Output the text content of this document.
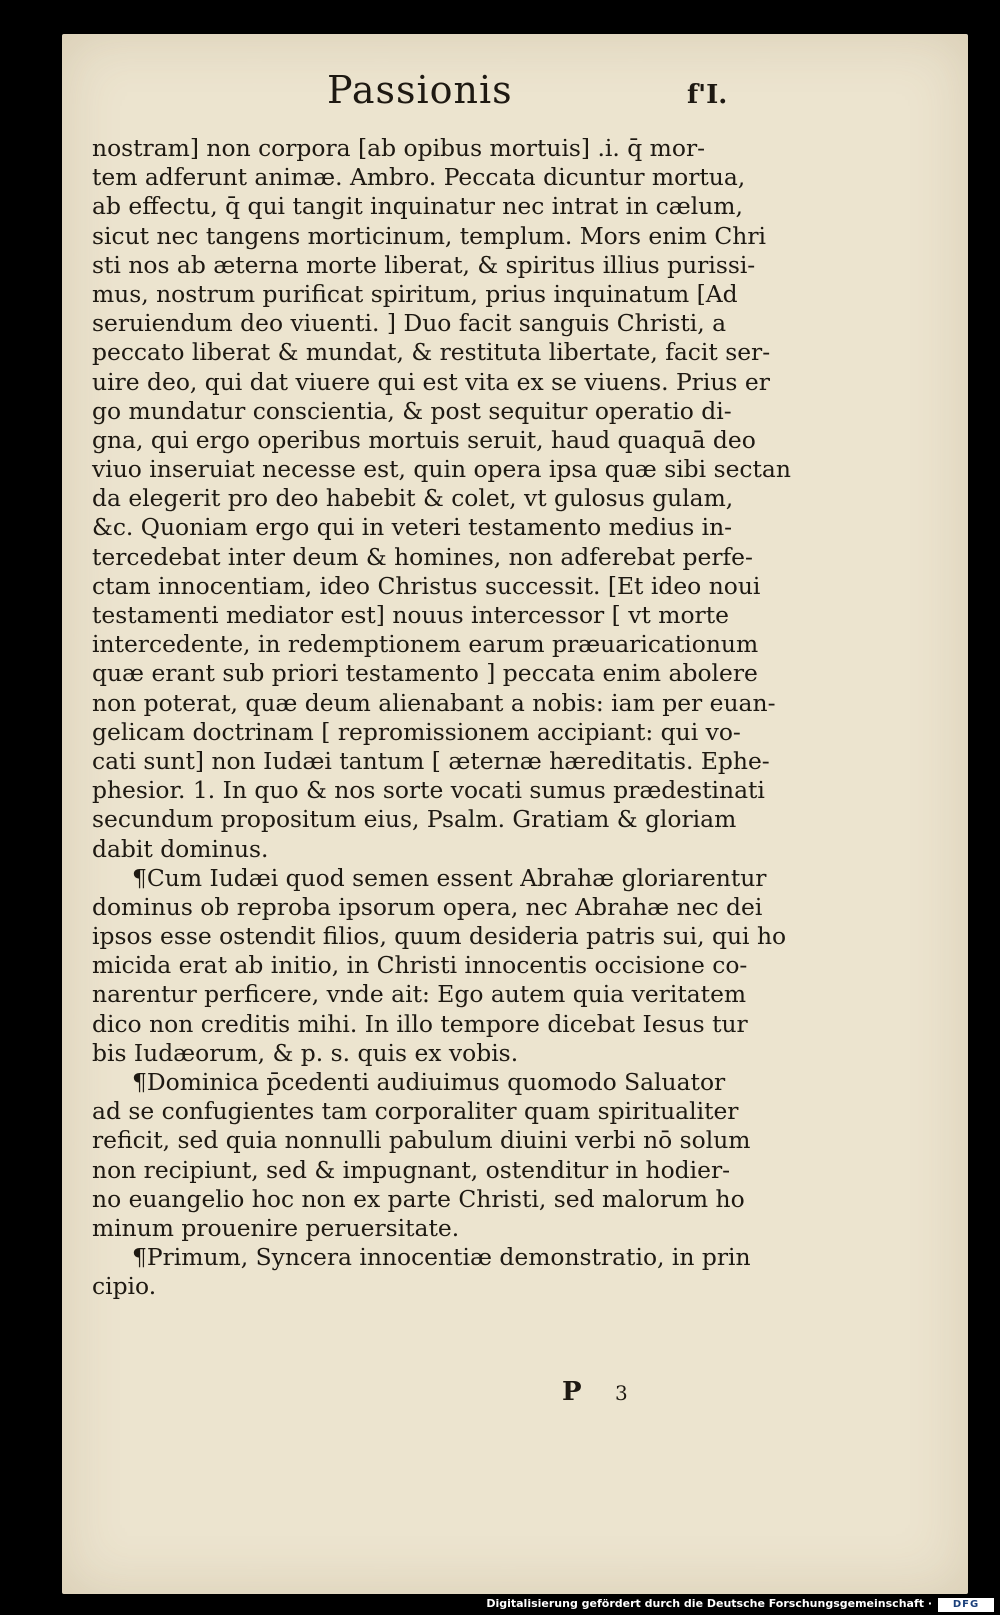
Passionis	f'I.
nostram] non corpora [ab opibus mortuis] .i. q̄ mor-
tem adferunt animæ. Ambro. Peccata dicuntur mortua,
ab effectu, q̄ qui tangit inquinatur nec intrat in cælum,
sicut nec tangens morticinum, templum. Mors enim Chri
sti nos ab æterna morte liberat, & spiritus illius purissi-
mus, nostrum purificat spiritum, prius inquinatum [Ad
seruiendum deo viuenti. ] Duo facit sanguis Christi, a
peccato liberat & mundat, & restituta libertate, facit ser-
uire deo, qui dat viuere qui est vita ex se viuens. Prius er
go mundatur conscientia, & post sequitur operatio di-
gna, qui ergo operibus mortuis seruit, haud quaquā deo
viuo inseruiat necesse est, quin opera ipsa quæ sibi sectan
da elegerit pro deo habebit & colet, vt gulosus gulam,
&c. Quoniam ergo qui in veteri testamento medius in-
tercedebat inter deum & homines, non adferebat perfe-
ctam innocentiam, ideo Christus successit. [Et ideo noui
testamenti mediator est] nouus intercessor [ vt morte
intercedente, in redemptionem earum præuaricationum
quæ erant sub priori testamento ] peccata enim abolere
non poterat, quæ deum alienabant a nobis: iam per euan-
gelicam doctrinam [ repromissionem accipiant: qui vo-
cati sunt] non Iudæi tantum [ æternæ hæreditatis. Ephe-
phesior. 1. In quo & nos sorte vocati sumus prædestinati
secundum propositum eius, Psalm. Gratiam & gloriam
dabit dominus.
¶Cum Iudæi quod semen essent Abrahæ gloriarentur
dominus ob reproba ipsorum opera, nec Abrahæ nec dei
ipsos esse ostendit filios, quum desideria patris sui, qui ho
micida erat ab initio, in Christi innocentis occisione co-
narentur perficere, vnde ait: Ego autem quia veritatem
dico non creditis mihi. In illo tempore dicebat Iesus tur
bis Iudæorum, & p. s. quis ex vobis.
¶Dominica p̄cedenti audiuimus quomodo Saluator
ad se confugientes tam corporaliter quam spiritualiter
reficit, sed quia nonnulli pabulum diuini verbi nō solum
non recipiunt, sed & impugnant, ostenditur in hodier-
no euangelio hoc non ex parte Christi, sed malorum ho
minum prouenire peruersitate.
¶Primum, Syncera innocentiæ demonstratio, in prin
cipio.
P 3
Digitalisierung gefördert durch die Deutsche Forschungsgemeinschaft ·	DFG
